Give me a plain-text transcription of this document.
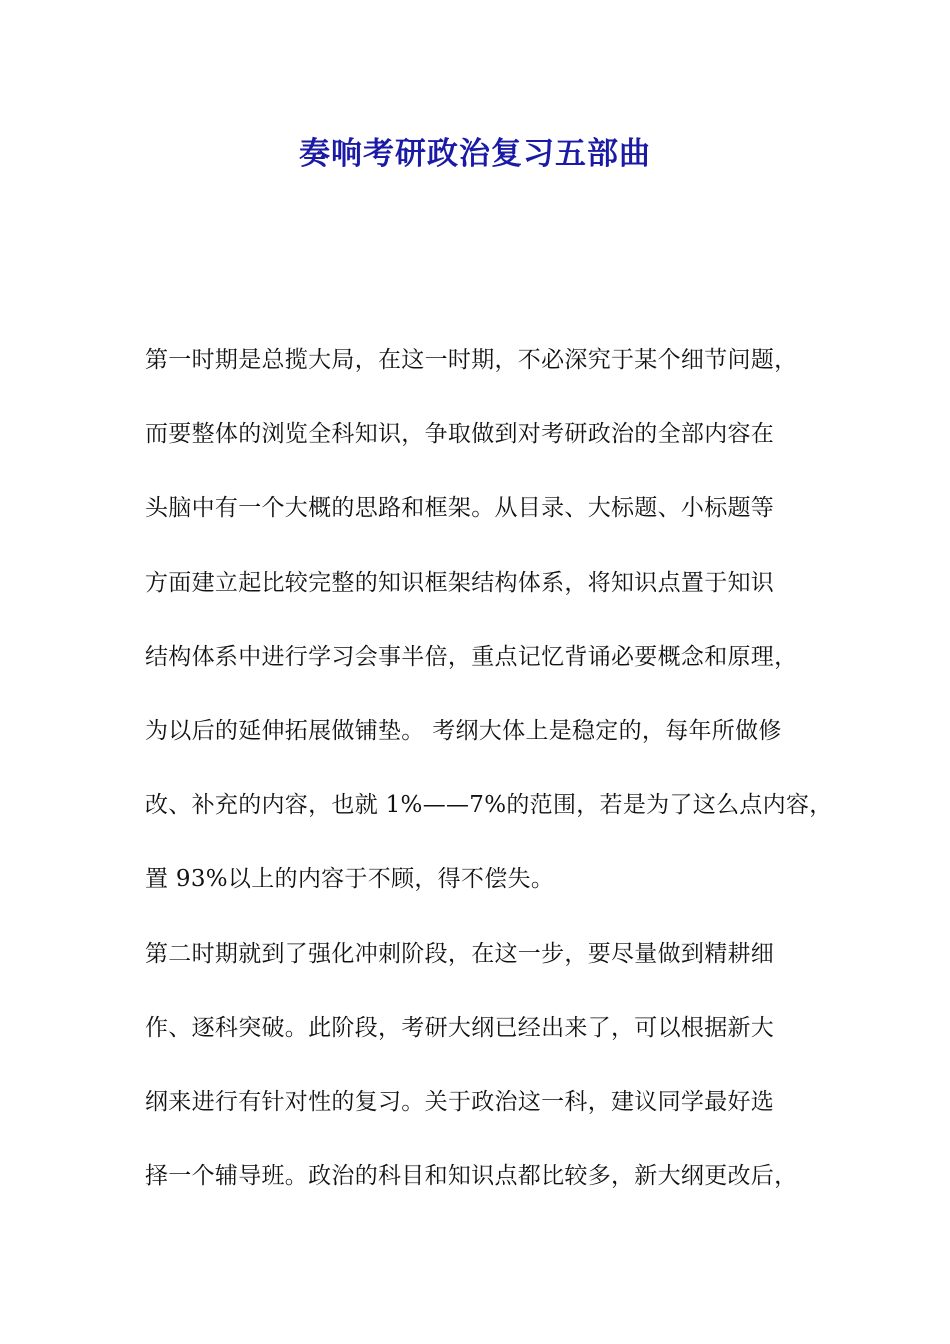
奏响考研政治复习五部曲
第一时期是总揽大局，在这一时期，不必深究于某个细节问题，
而要整体的浏览全科知识，争取做到对考研政治的全部内容在
头脑中有一个大概的思路和框架。从目录、大标题、小标题等
方面建立起比较完整的知识框架结构体系，将知识点置于知识
结构体系中进行学习会事半倍，重点记忆背诵必要概念和原理，
为以后的延伸拓展做铺垫。 考纲大体上是稳定的，每年所做修
改、补充的内容，也就 1%——7%的范围，若是为了这么点内容，
置 93%以上的内容于不顾，得不偿失。
第二时期就到了强化冲刺阶段，在这一步，要尽量做到精耕细
作、逐科突破。此阶段，考研大纲已经出来了，可以根据新大
纲来进行有针对性的复习。关于政治这一科，建议同学最好选
择一个辅导班。政治的科目和知识点都比较多，新大纲更改后，
